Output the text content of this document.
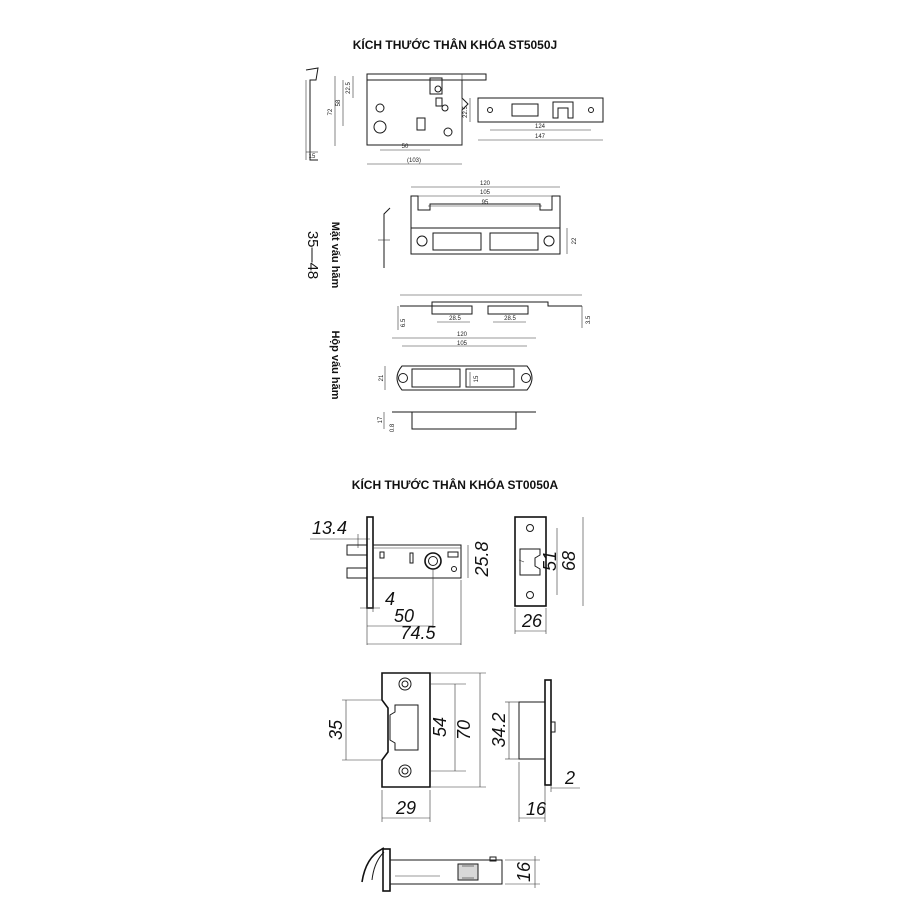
KÍCH THƯỚC THÂN KHÓA ST5050J
KÍCH THƯỚC THÂN KHÓA ST0050A
15
72
58
22.5
50
(103)
22.5
124
147
Mặt vấu hãm
35—48
Hộp vấu hãm
120
105
95
22
28.5	28.5
6.5	3.5
120
105
21	15
17
0.8
13.4
25.8
4
50
74.5
51 68
26
35	54 70
29
34.2
2
16
16
